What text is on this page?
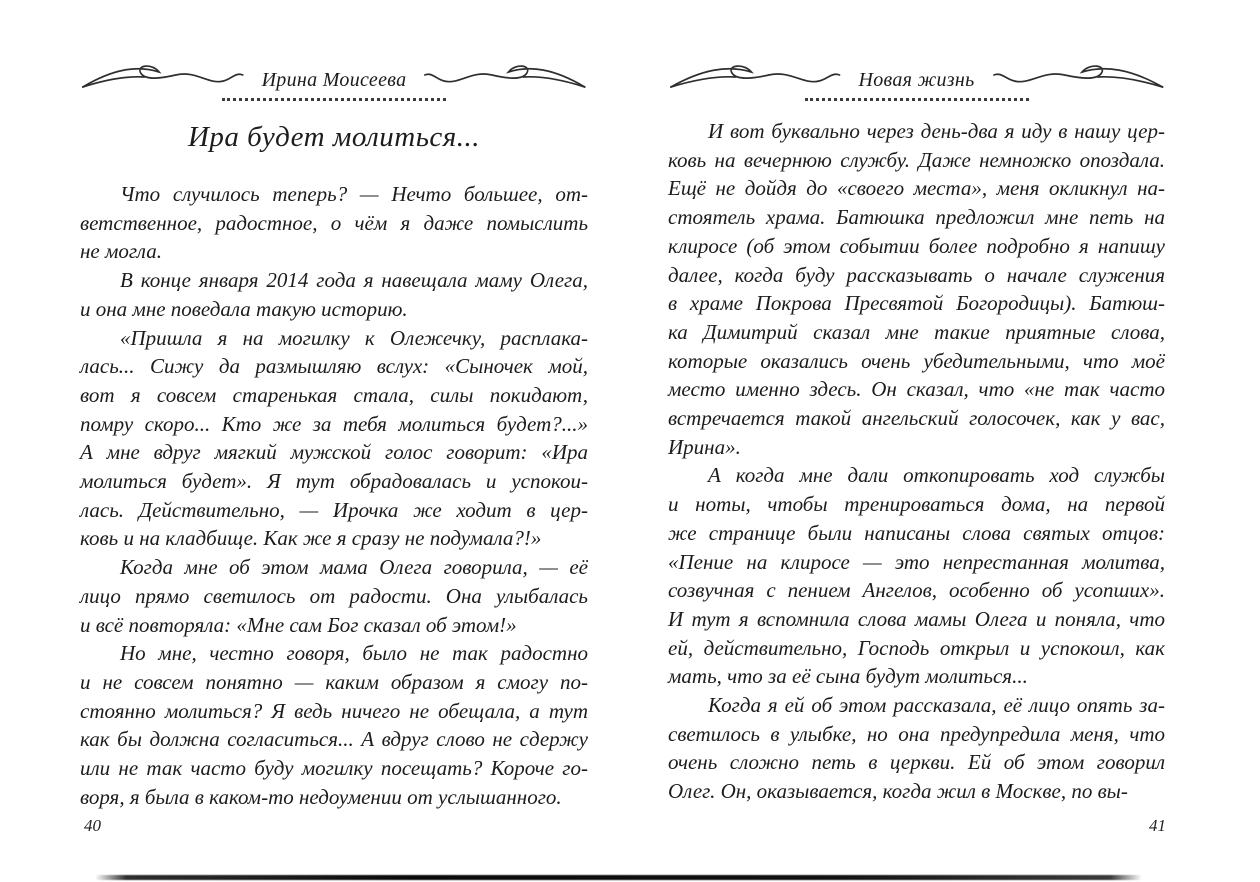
Ирина Моисеева
Ира будет молиться...
Что случилось теперь? — Нечто большее, от-
ветственное, радостное, о чём я даже помыслить
не могла.
В конце января 2014 года я навещала маму Олега,
и она мне поведала такую историю.
«Пришла я на могилку к Олежечку, расплака-
лась... Сижу да размышляю вслух: «Сыночек мой,
вот я совсем старенькая стала, силы покидают,
помру скоро... Кто же за тебя молиться будет?...»
А мне вдруг мягкий мужской голос говорит: «Ира
молиться будет». Я тут обрадовалась и успокои-
лась. Действительно, — Ирочка же ходит в цер-
ковь и на кладбище. Как же я сразу не подумала?!»
Когда мне об этом мама Олега говорила, — её
лицо прямо светилось от радости. Она улыбалась
и всё повторяла: «Мне сам Бог сказал об этом!»
Но мне, честно говоря, было не так радостно
и не совсем понятно — каким образом я смогу по-
стоянно молиться? Я ведь ничего не обещала, а тут
как бы должна согласиться... А вдруг слово не сдержу
или не так часто буду могилку посещать? Короче го-
воря, я была в каком-то недоумении от услышанного.
Новая жизнь
И вот буквально через день-два я иду в нашу цер-
ковь на вечернюю службу. Даже немножко опоздала.
Ещё не дойдя до «своего места», меня окликнул на-
стоятель храма. Батюшка предложил мне петь на
клиросе (об этом событии более подробно я напишу
далее, когда буду рассказывать о начале служения
в храме Покрова Пресвятой Богородицы). Батюш-
ка Димитрий сказал мне такие приятные слова,
которые оказались очень убедительными, что моё
место именно здесь. Он сказал, что «не так часто
встречается такой ангельский голосочек, как у вас,
Ирина».
А когда мне дали откопировать ход службы
и ноты, чтобы тренироваться дома, на первой
же странице были написаны слова святых отцов:
«Пение на клиросе — это непрестанная молитва,
созвучная с пением Ангелов, особенно об усопших».
И тут я вспомнила слова мамы Олега и поняла, что
ей, действительно, Господь открыл и успокоил, как
мать, что за её сына будут молиться...
Когда я ей об этом рассказала, её лицо опять за-
светилось в улыбке, но она предупредила меня, что
очень сложно петь в церкви. Ей об этом говорил
Олег. Он, оказывается, когда жил в Москве, по вы-
40	41
